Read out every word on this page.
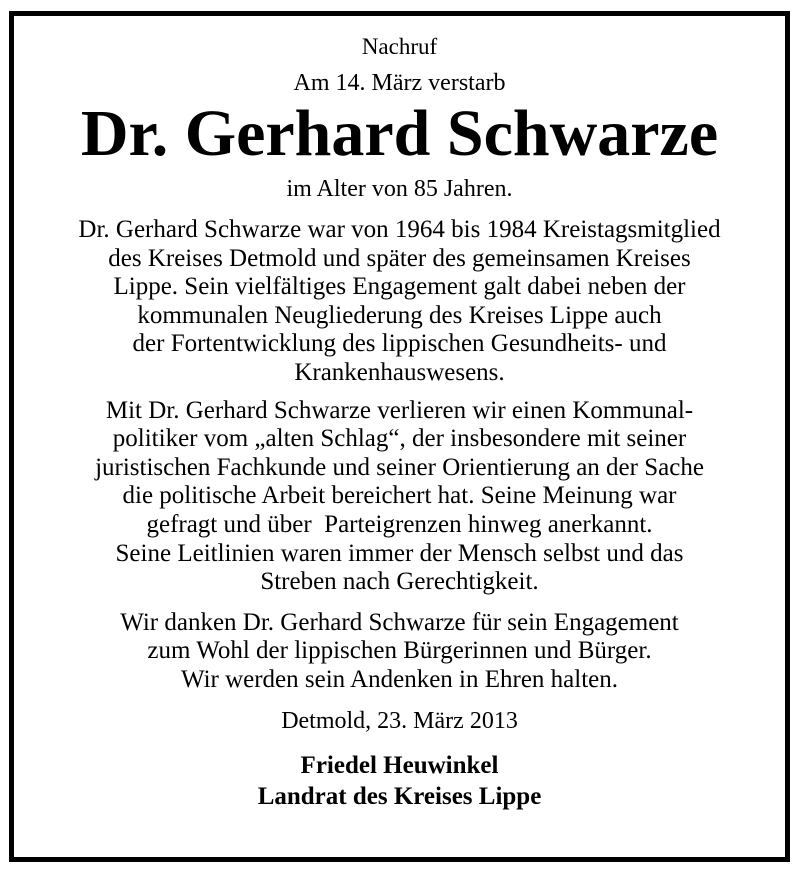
Nachruf
Am 14. März verstarb
Dr. Gerhard Schwarze
im Alter von 85 Jahren.

Dr. Gerhard Schwarze war von 1964 bis 1984 Kreistagsmitglied
des Kreises Detmold und später des gemeinsamen Kreises
Lippe. Sein vielfältiges Engagement galt dabei neben der
kommunalen Neugliederung des Kreises Lippe auch
der Fortentwicklung des lippischen Gesundheits- und
Krankenhauswesens.

Mit Dr. Gerhard Schwarze verlieren wir einen Kommunal-
politiker vom „alten Schlag“, der insbesondere mit seiner
juristischen Fachkunde und seiner Orientierung an der Sache
die politische Arbeit bereichert hat. Seine Meinung war
gefragt und über  Parteigrenzen hinweg anerkannt.
Seine Leitlinien waren immer der Mensch selbst und das
Streben nach Gerechtigkeit.

Wir danken Dr. Gerhard Schwarze für sein Engagement
zum Wohl der lippischen Bürgerinnen und Bürger.
Wir werden sein Andenken in Ehren halten.

Detmold, 23. März 2013
Friedel Heuwinkel
Landrat des Kreises Lippe
